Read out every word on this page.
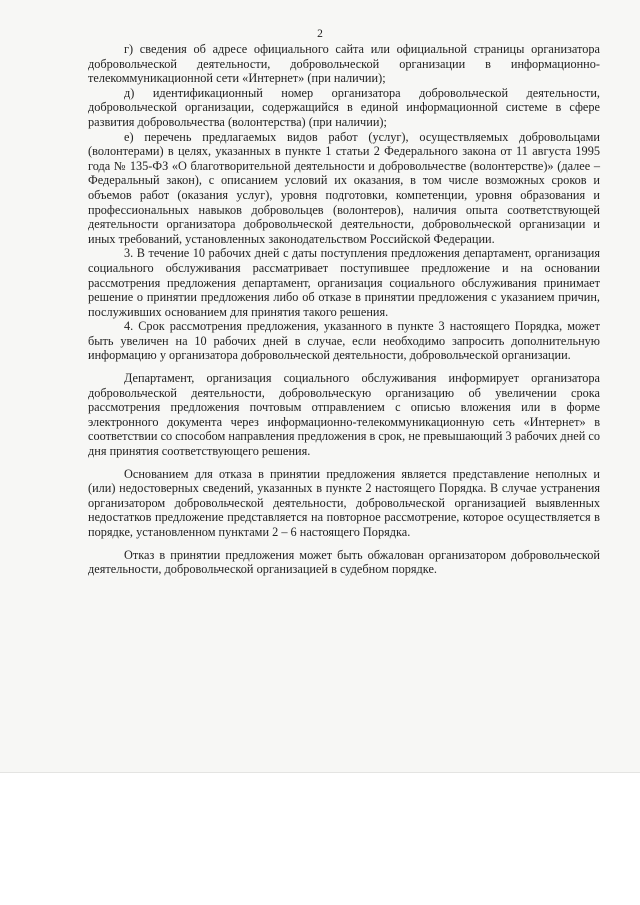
2

г) сведения об адресе официального сайта или официальной страницы организатора добровольческой деятельности, добровольческой организации в информационно-телекоммуникационной сети «Интернет» (при наличии);

д) идентификационный номер организатора добровольческой деятельности, добровольческой организации, содержащийся в единой информационной системе в сфере развития добровольчества (волонтерства) (при наличии);

е) перечень предлагаемых видов работ (услуг), осуществляемых добровольцами (волонтерами) в целях, указанных в пункте 1 статьи 2 Федерального закона от 11 августа 1995 года № 135-ФЗ «О благотворительной деятельности и добровольчестве (волонтерстве)» (далее – Федеральный закон), с описанием условий их оказания, в том числе возможных сроков и объемов работ (оказания услуг), уровня подготовки, компетенции, уровня образования и профессиональных навыков добровольцев (волонтеров), наличия опыта соответствующей деятельности организатора добровольческой деятельности, добровольческой организации и иных требований, установленных законодательством Российской Федерации.

3. В течение 10 рабочих дней с даты поступления предложения департамент, организация социального обслуживания рассматривает поступившее предложение и на основании рассмотрения предложения департамент, организация социального обслуживания принимает решение о принятии предложения либо об отказе в принятии предложения с указанием причин, послуживших основанием для принятия такого решения.

4. Срок рассмотрения предложения, указанного в пункте 3 настоящего Порядка, может быть увеличен на 10 рабочих дней в случае, если необходимо запросить дополнительную информацию у организатора добровольческой деятельности, добровольческой организации.

Департамент, организация социального обслуживания информирует организатора добровольческой деятельности, добровольческую организацию об увеличении срока рассмотрения предложения почтовым отправлением с описью вложения или в форме электронного документа через информационно-телекоммуникационную сеть «Интернет» в соответствии со способом направления предложения в срок, не превышающий 3 рабочих дней со дня принятия соответствующего решения.

Основанием для отказа в принятии предложения является представление неполных и (или) недостоверных сведений, указанных в пункте 2 настоящего Порядка. В случае устранения организатором добровольческой деятельности, добровольческой организацией выявленных недостатков предложение представляется на повторное рассмотрение, которое осуществляется в порядке, установленном пунктами 2 – 6 настоящего Порядка.

Отказ в принятии предложения может быть обжалован организатором добровольческой деятельности, добровольческой организацией в судебном порядке.
